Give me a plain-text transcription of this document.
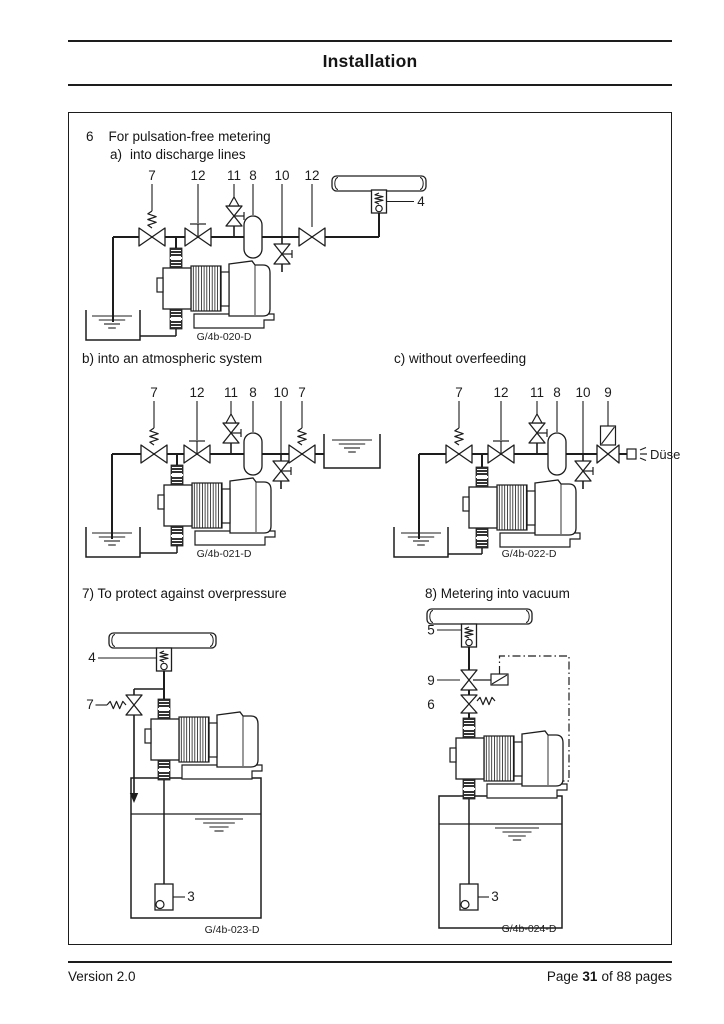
Installation
6 For pulsation-free metering
a) into discharge lines
b) into an atmospheric system	c) without overfeeding
7) To protect against overpressure	8) Metering into vacuum
4
7	12 11 8 10 12
G/4b-020-D
7 12 11 8 10 7
G/4b-021-D
Düse
7 12 11 8 10 9
G/4b-022-D
4
7
3
G/4b-023-D
5
9
6
3
G/4b-024-D
Version 2.0	Page 31 of 88 pages
